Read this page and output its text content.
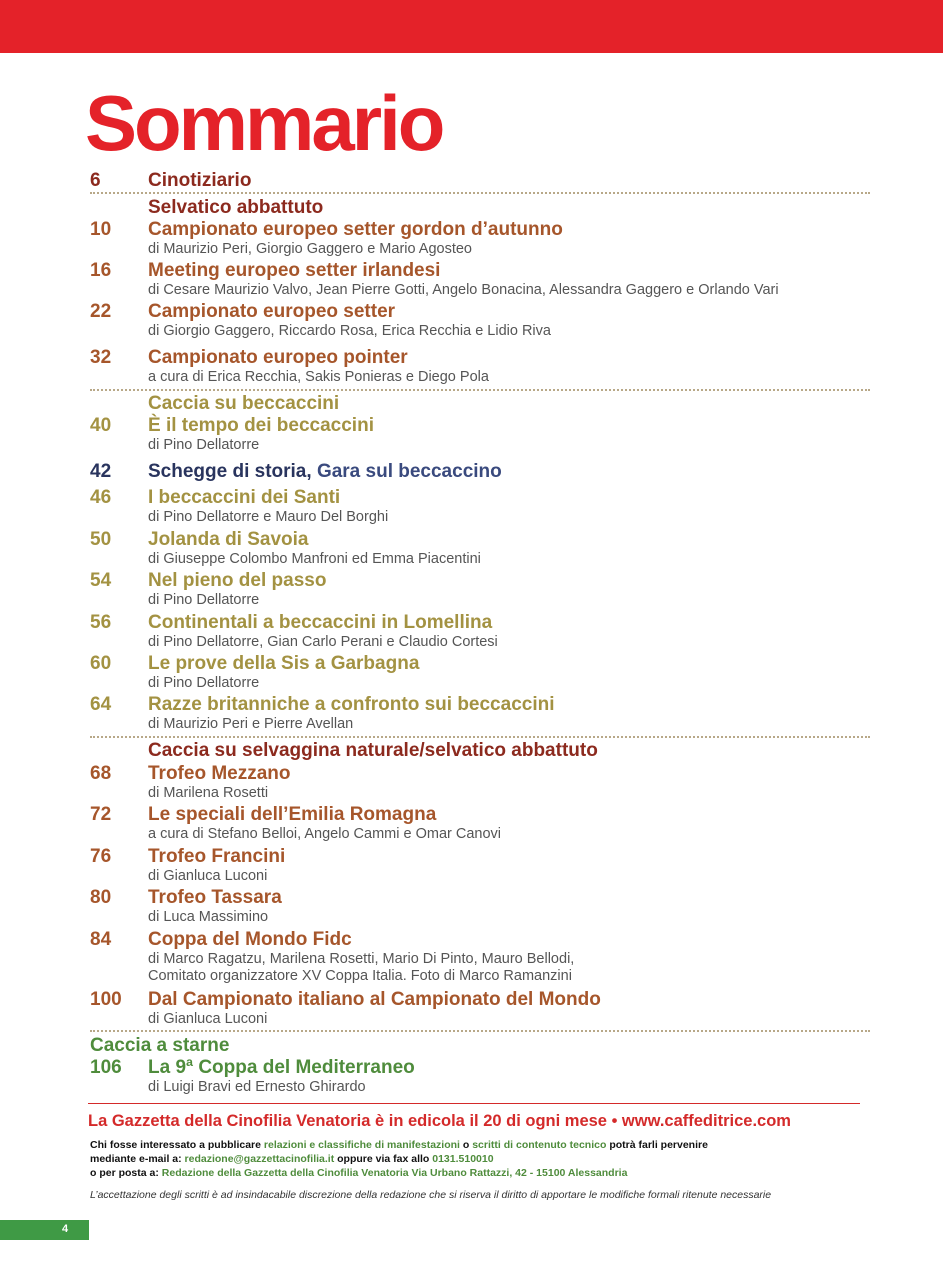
Sommario
6	Cinotiziario
Selvatico abbattuto
10	Campionato europeo setter gordon d’autunno
di Maurizio Peri, Giorgio Gaggero e Mario Agosteo
16	Meeting europeo setter irlandesi
di Cesare Maurizio Valvo, Jean Pierre Gotti, Angelo Bonacina, Alessandra Gaggero e Orlando Vari
22	Campionato europeo setter
di Giorgio Gaggero, Riccardo Rosa, Erica Recchia e Lidio Riva
32	Campionato europeo pointer
a cura di Erica Recchia, Sakis Ponieras e Diego Pola
Caccia su beccaccini
40	È il tempo dei beccaccini
di Pino Dellatorre
42	Schegge di storia, Gara sul beccaccino
46	I beccaccini dei Santi
di Pino Dellatorre e Mauro Del Borghi
50	Jolanda di Savoia
di Giuseppe Colombo Manfroni ed Emma Piacentini
54	Nel pieno del passo
di Pino Dellatorre
56	Continentali a beccaccini in Lomellina
di Pino Dellatorre, Gian Carlo Perani e Claudio Cortesi
60	Le prove della Sis a Garbagna
di Pino Dellatorre
64	Razze britanniche a confronto sui beccaccini
di Maurizio Peri e Pierre Avellan
Caccia su selvaggina naturale/selvatico abbattuto
68	Trofeo Mezzano
di Marilena Rosetti
72	Le speciali dell’Emilia Romagna
a cura di Stefano Belloi, Angelo Cammi e Omar Canovi
76	Trofeo Francini
di Gianluca Luconi
80	Trofeo Tassara
di Luca Massimino
84	Coppa del Mondo Fidc
di Marco Ragatzu, Marilena Rosetti, Mario Di Pinto, Mauro Bellodi,
Comitato organizzatore XV Coppa Italia. Foto di Marco Ramanzini
100	Dal Campionato italiano al Campionato del Mondo
di Gianluca Luconi
Caccia a starne
106	La 9ª Coppa del Mediterraneo
di Luigi Bravi ed Ernesto Ghirardo
La Gazzetta della Cinofilia Venatoria è in edicola il 20 di ogni mese • www.caffeditrice.com
Chi fosse interessato a pubblicare relazioni e classifiche di manifestazioni o scritti di contenuto tecnico potrà farli pervenire
mediante e-mail a: redazione@gazzettacinofilia.it oppure via fax allo 0131.510010
o per posta a: Redazione della Gazzetta della Cinofilia Venatoria Via Urbano Rattazzi, 42 - 15100 Alessandria
L’accettazione degli scritti è ad insindacabile discrezione della redazione che si riserva il diritto di apportare le modifiche formali ritenute necessarie
4
